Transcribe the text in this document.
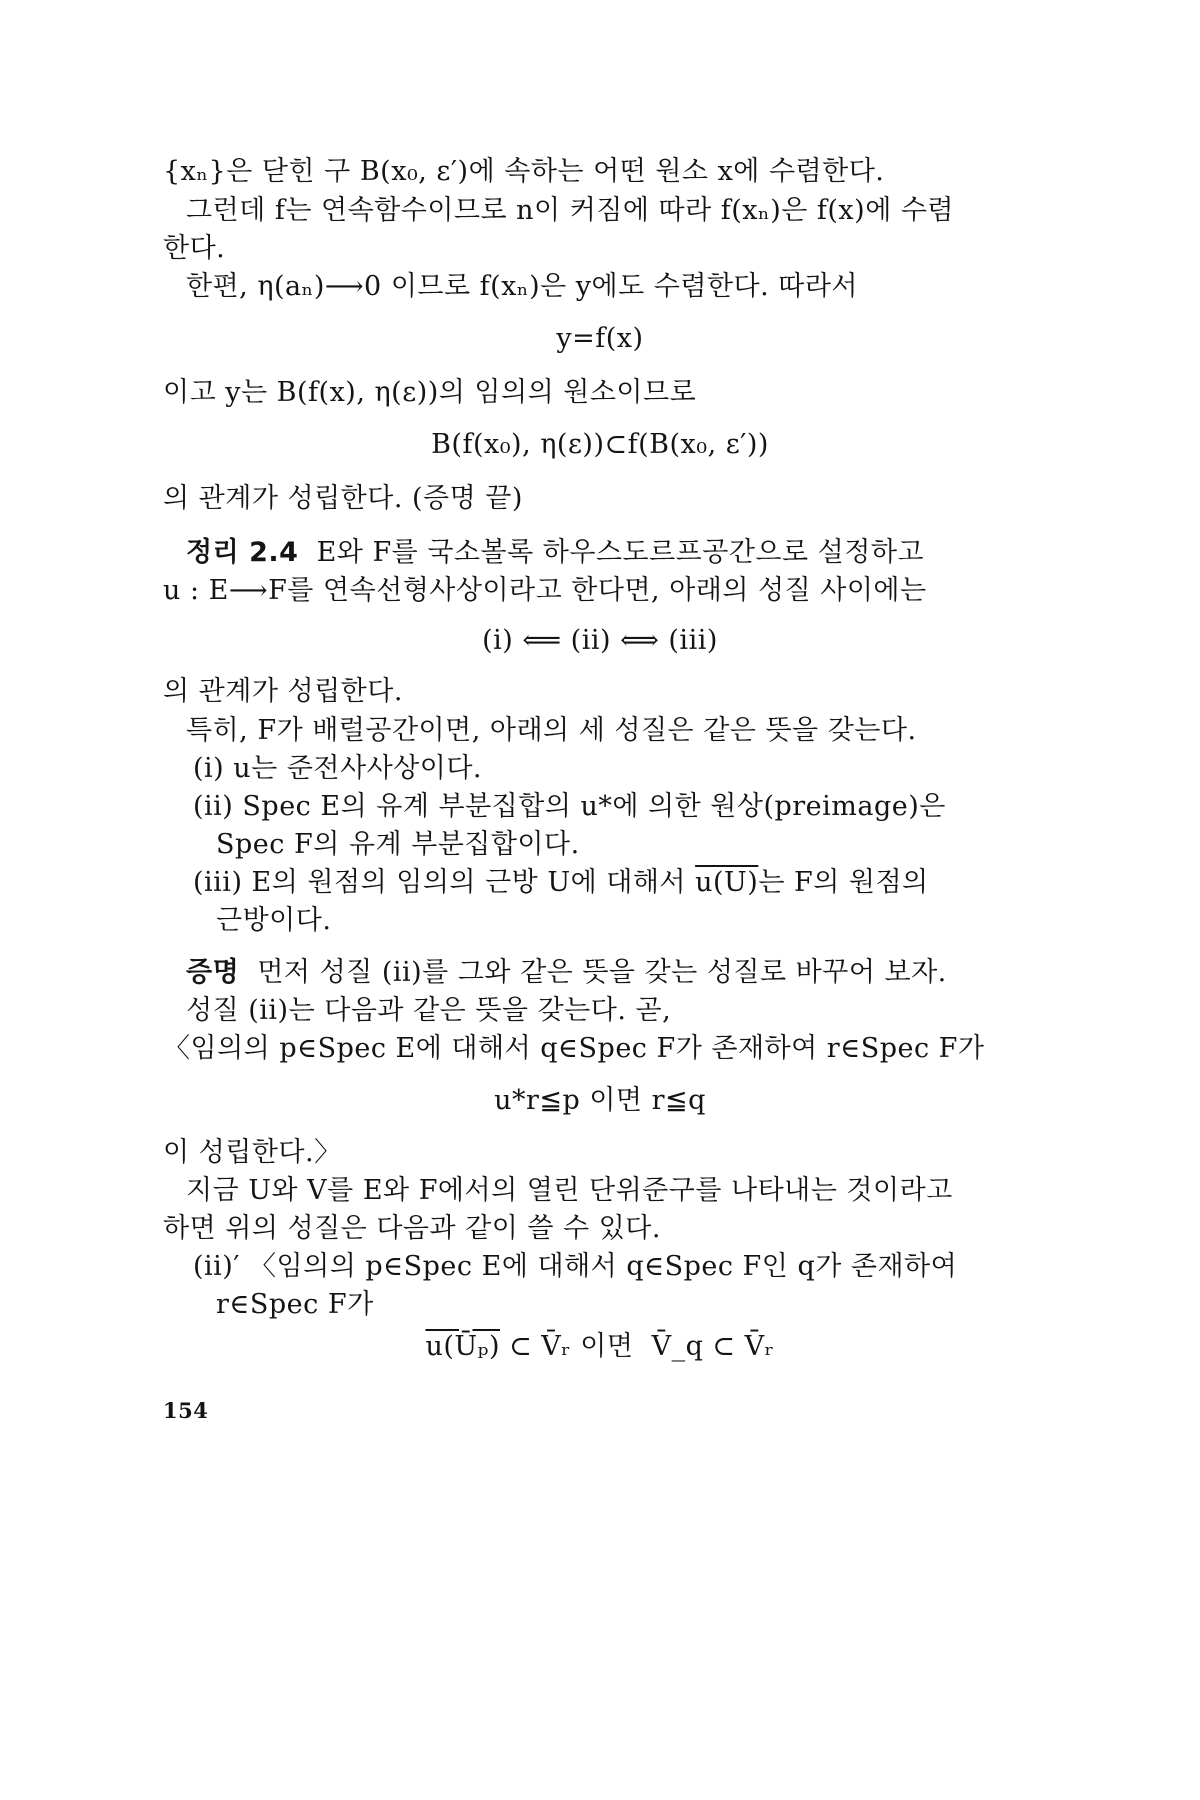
{xₙ}은 닫힌 구 B(x₀, ε′)에 속하는 어떤 원소 x에 수렴한다.
그런데 f는 연속함수이므로 n이 커짐에 따라 f(xₙ)은 f(x)에 수렴
한다.
한편, η(aₙ)⟶0 이므로 f(xₙ)은 y에도 수렴한다. 따라서
y=f(x)
이고 y는 B(f(x), η(ε))의 임의의 원소이므로
B(f(x₀), η(ε))⊂f(B(x₀, ε′))
의 관계가 성립한다. (증명 끝)
정리 2.4 E와 F를 국소볼록 하우스도르프공간으로 설정하고
u : E⟶F를 연속선형사상이라고 한다면, 아래의 성질 사이에는
(i) ⟸ (ii) ⟺ (iii)
의 관계가 성립한다.
특히, F가 배럴공간이면, 아래의 세 성질은 같은 뜻을 갖는다.
(i) u는 준전사사상이다.
(ii) Spec E의 유계 부분집합의 u*에 의한 원상(preimage)은
Spec F의 유계 부분집합이다.
(iii) E의 원점의 임의의 근방 U에 대해서 u(U)는 F의 원점의
근방이다.
증명 먼저 성질 (ii)를 그와 같은 뜻을 갖는 성질로 바꾸어 보자.
성질 (ii)는 다음과 같은 뜻을 갖는다. 곧,
〈임의의 p∈Spec E에 대해서 q∈Spec F가 존재하여 r∈Spec F가
u*r≦p 이면 r≦q
이 성립한다.〉
지금 U와 V를 E와 F에서의 열린 단위준구를 나타내는 것이라고
하면 위의 성질은 다음과 같이 쓸 수 있다.
(ii)′ 〈임의의 p∈Spec E에 대해서 q∈Spec F인 q가 존재하여
r∈Spec F가
u(Ūₚ) ⊂ V̄ᵣ 이면  V̄_q ⊂ V̄ᵣ
154
